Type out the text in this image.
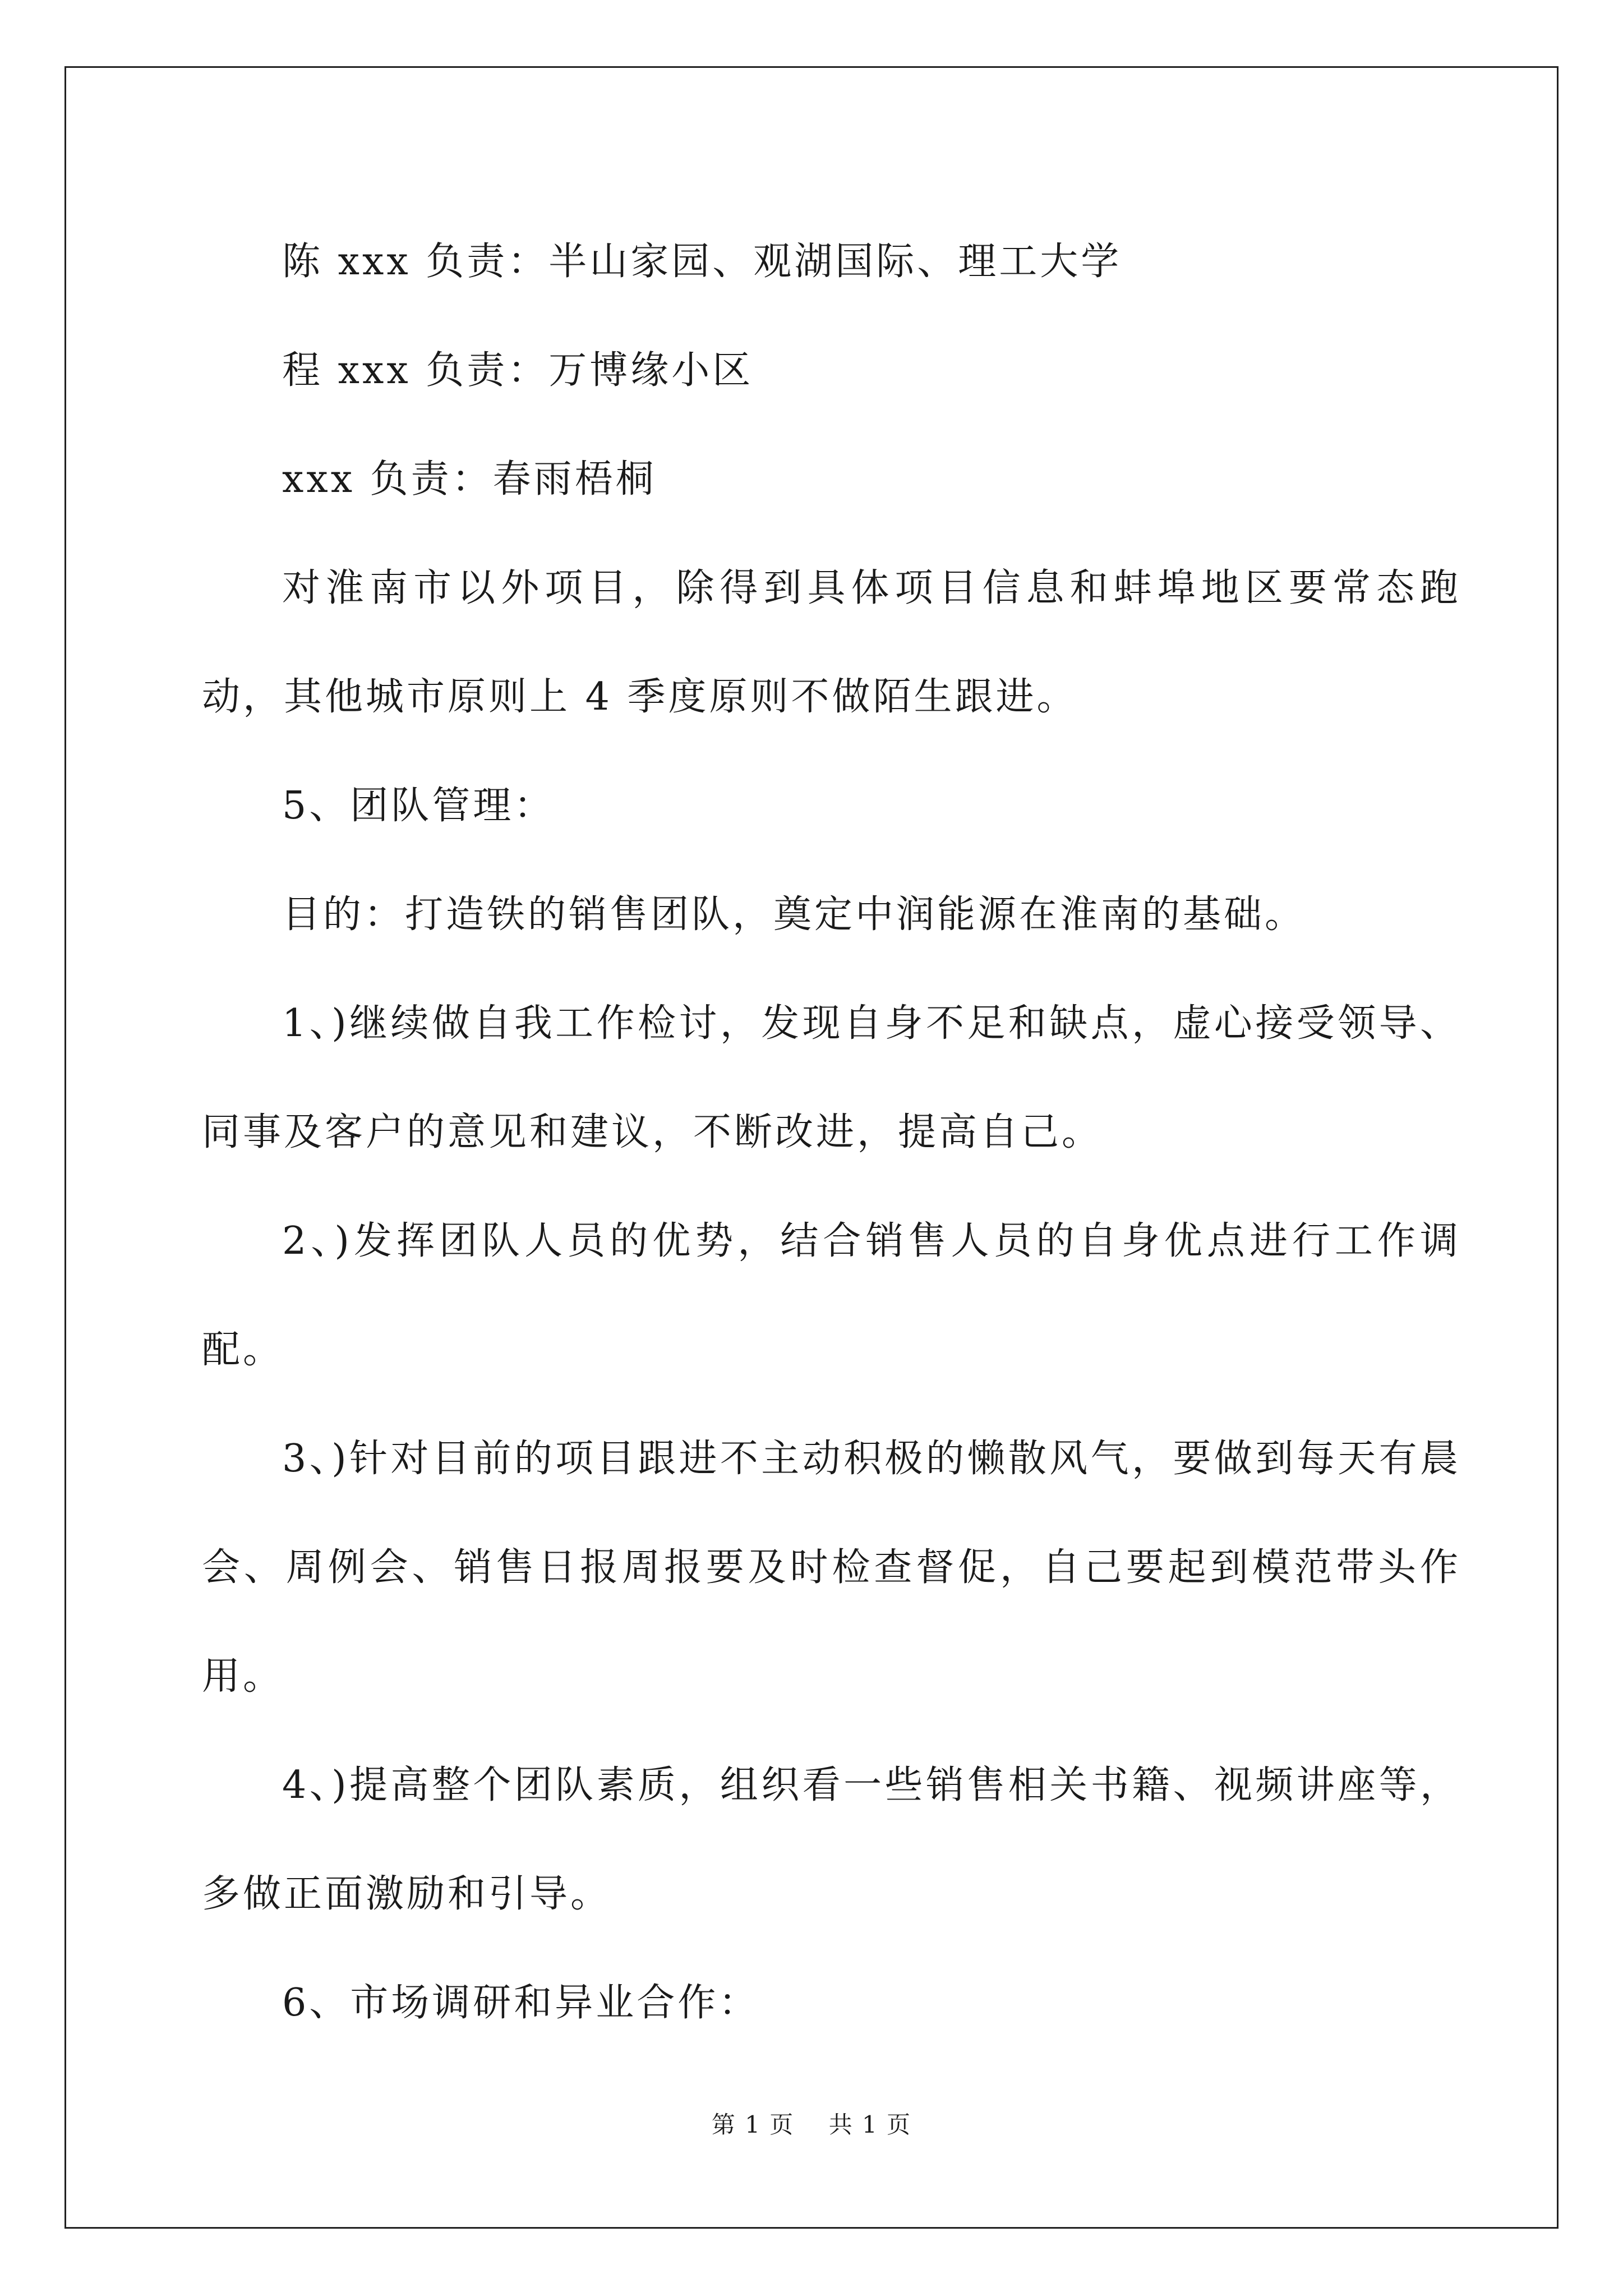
陈 xxx 负责：半山家园、观湖国际、理工大学

程 xxx 负责：万博缘小区

xxx 负责：春雨梧桐

对淮南市以外项目，除得到具体项目信息和蚌埠地区要常态跑动，其他城市原则上 4 季度原则不做陌生跟进。

5、团队管理：

目的：打造铁的销售团队，奠定中润能源在淮南的基础。

1、)继续做自我工作检讨，发现自身不足和缺点，虚心接受领导、同事及客户的意见和建议，不断改进，提高自己。

2、)发挥团队人员的优势，结合销售人员的自身优点进行工作调配。

3、)针对目前的项目跟进不主动积极的懒散风气，要做到每天有晨会、周例会、销售日报周报要及时检查督促，自己要起到模范带头作用。

4、)提高整个团队素质，组织看一些销售相关书籍、视频讲座等，多做正面激励和引导。

6、市场调研和异业合作：

第 1 页    共 1 页
